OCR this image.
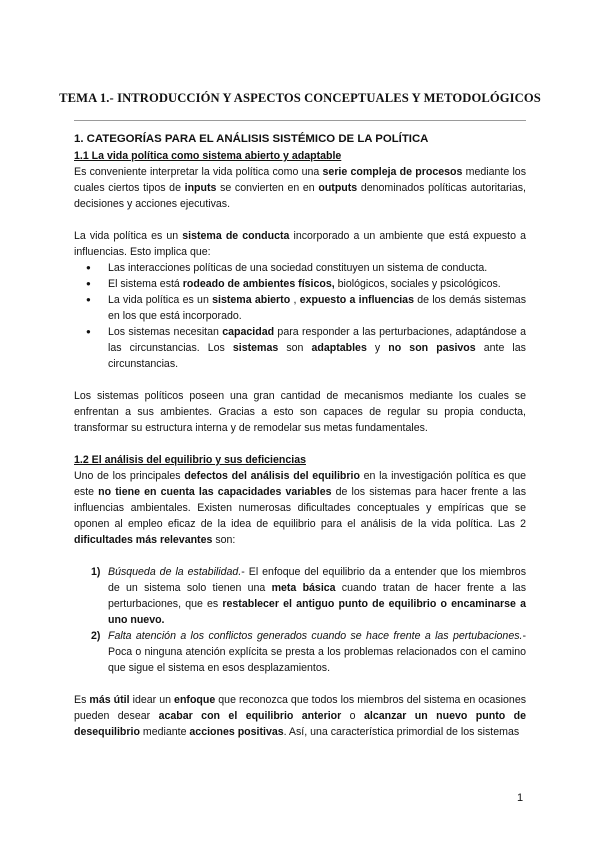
TEMA 1.- INTRODUCCIÓN Y ASPECTOS CONCEPTUALES Y METODOLÓGICOS

1. CATEGORÍAS PARA EL ANÁLISIS SISTÉMICO DE LA POLÍTICA

1.1 La vida política como sistema abierto y adaptable

Es conveniente interpretar la vida política como una serie compleja de procesos mediante los cuales ciertos tipos de inputs se convierten en en outputs denominados políticas autoritarias, decisiones y acciones ejecutivas.

La vida política es un sistema de conducta incorporado a un ambiente que está expuesto a influencias. Esto implica que:

● Las interacciones políticas de una sociedad constituyen un sistema de conducta.
● El sistema está rodeado de ambientes físicos, biológicos, sociales y psicológicos.
● La vida política es un sistema abierto , expuesto a influencias de los demás sistemas en los que está incorporado.
● Los sistemas necesitan capacidad para responder a las perturbaciones, adaptándose a las circunstancias. Los sistemas son adaptables y no son pasivos ante las circunstancias.

Los sistemas políticos poseen una gran cantidad de mecanismos mediante los cuales se enfrentan a sus ambientes. Gracias a esto son capaces de regular su propia conducta, transformar su estructura interna y de remodelar sus metas fundamentales.

1.2 El análisis del equilibrio y sus deficiencias

Uno de los principales defectos del análisis del equilibrio en la investigación política es que este no tiene en cuenta las capacidades variables de los sistemas para hacer frente a las influencias ambientales. Existen numerosas dificultades conceptuales y empíricas que se oponen al empleo eficaz de la idea de equilibrio para el análisis de la vida política. Las 2 dificultades más relevantes son:

1) Búsqueda de la estabilidad.- El enfoque del equilibrio da a entender que los miembros de un sistema solo tienen una meta básica cuando tratan de hacer frente a las perturbaciones, que es restablecer el antiguo punto de equilibrio o encaminarse a uno nuevo.
2) Falta atención a los conflictos generados cuando se hace frente a las pertubaciones.- Poca o ninguna atención explícita se presta a los problemas relacionados con el camino que sigue el sistema en esos desplazamientos.

Es más útil idear un enfoque que reconozca que todos los miembros del sistema en ocasiones pueden desear acabar con el equilibrio anterior o alcanzar un nuevo punto de desequilibrio mediante acciones positivas. Así, una característica primordial de los sistemas

1
